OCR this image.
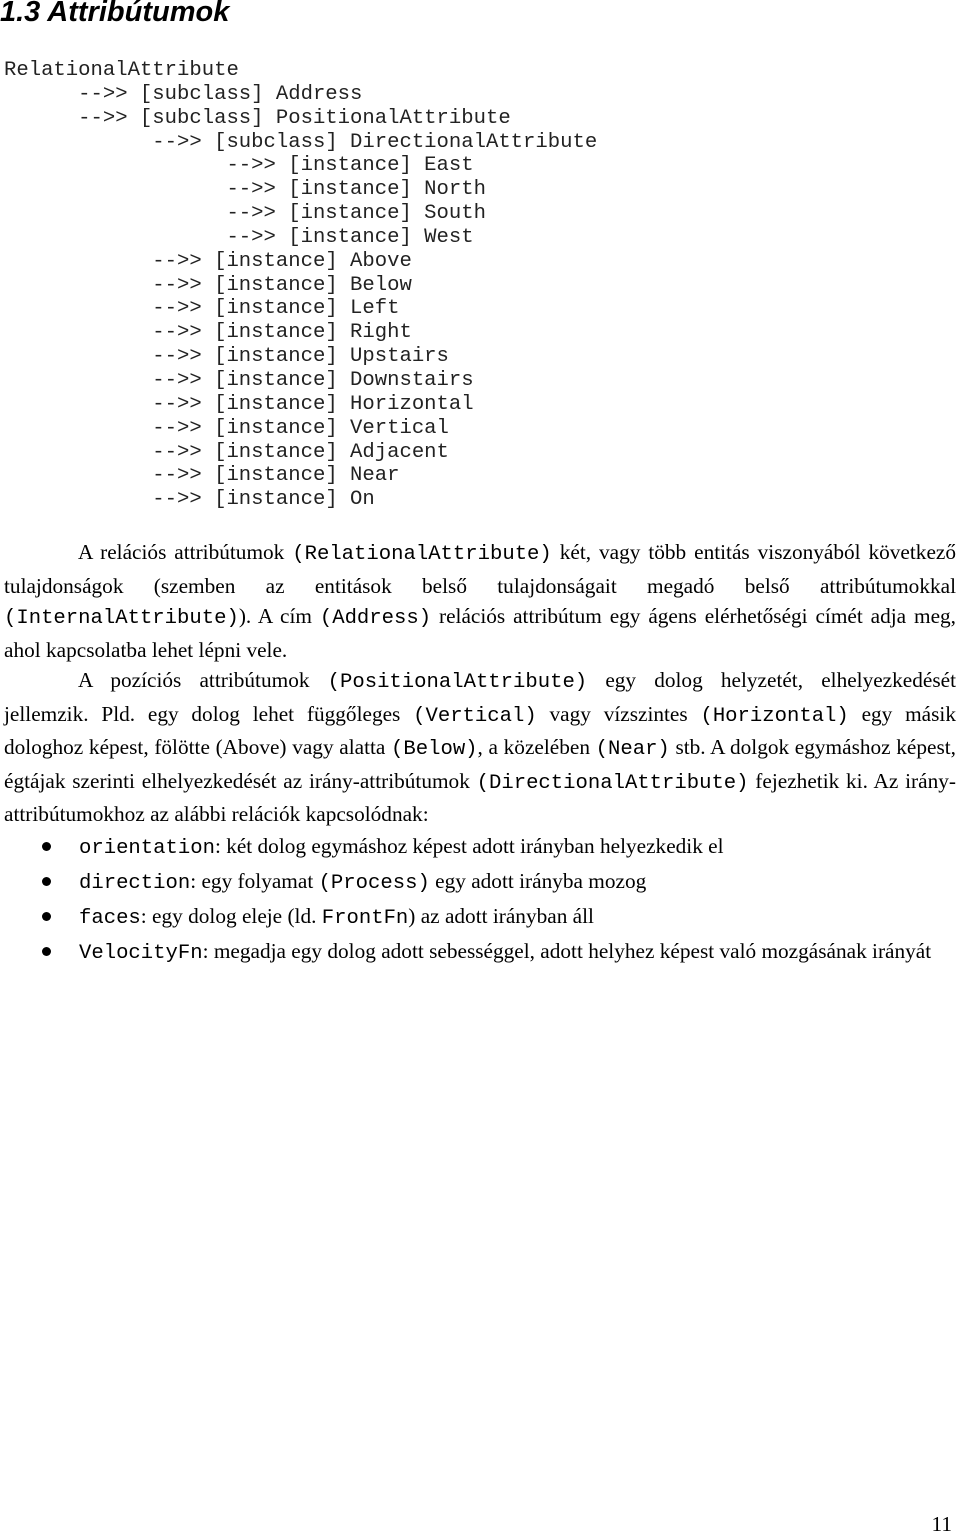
1.3 Attribútumok
RelationalAttribute
-->> [subclass] Address
-->> [subclass] PositionalAttribute
-->> [subclass] DirectionalAttribute
-->> [instance] East
-->> [instance] North
-->> [instance] South
-->> [instance] West
-->> [instance] Above
-->> [instance] Below
-->> [instance] Left
-->> [instance] Right
-->> [instance] Upstairs
-->> [instance] Downstairs
-->> [instance] Horizontal
-->> [instance] Vertical
-->> [instance] Adjacent
-->> [instance] Near
-->> [instance] On

A relációs attribútumok (RelationalAttribute) két, vagy több entitás viszonyából következő tulajdonságok (szemben az entitások belső tulajdonságait megadó belső attribútumokkal (InternalAttribute)). A cím (Address) relációs attribútum egy ágens elérhetőségi címét adja meg, ahol kapcsolatba lehet lépni vele.

A pozíciós attribútumok (PositionalAttribute) egy dolog helyzetét, elhelyezkedését jellemzik. Pld. egy dolog lehet függőleges (Vertical) vagy vízszintes (Horizontal) egy másik dologhoz képest, fölötte (Above) vagy alatta (Below), a közelében (Near) stb. A dolgok egymáshoz képest, égtájak szerinti elhelyezkedését az irány-attribútumok (DirectionalAttribute) fejezhetik ki. Az irány-attribútumokhoz az alábbi relációk kapcsolódnak:

orientation: két dolog egymáshoz képest adott irányban helyezkedik el
direction: egy folyamat (Process) egy adott irányba mozog
faces: egy dolog eleje (ld. FrontFn) az adott irányban áll
VelocityFn: megadja egy dolog adott sebességgel, adott helyhez képest való mozgásának irányát
11
